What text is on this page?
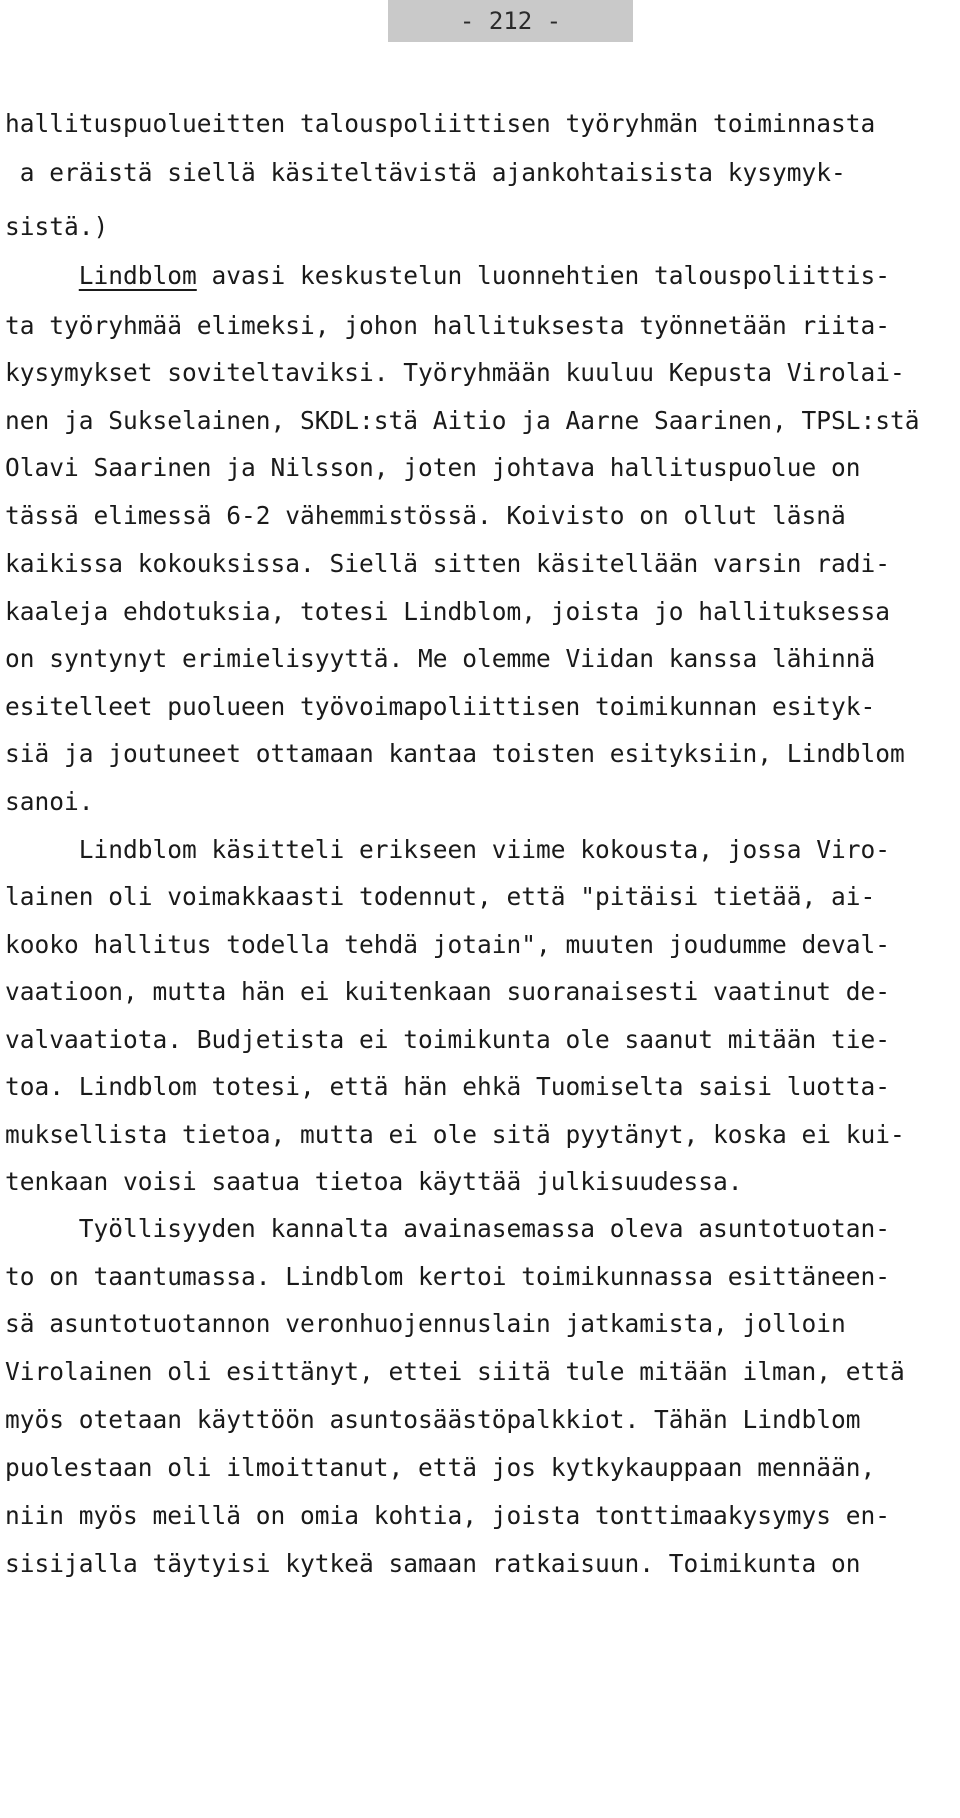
- 212 -
hallituspuolueitten talouspoliittisen työryhmän toiminnasta
a eräistä siellä käsiteltävistä ajankohtaisista kysymyk-
sistä.)
Lindblom avasi keskustelun luonnehtien talouspoliittis-
ta työryhmää elimeksi, johon hallituksesta työnnetään riita-
kysymykset soviteltaviksi. Työryhmään kuuluu Kepusta Virolai-
nen ja Sukselainen, SKDL:stä Aitio ja Aarne Saarinen, TPSL:stä
Olavi Saarinen ja Nilsson, joten johtava hallituspuolue on
tässä elimessä 6-2 vähemmistössä. Koivisto on ollut läsnä
kaikissa kokouksissa. Siellä sitten käsitellään varsin radi-
kaaleja ehdotuksia, totesi Lindblom, joista jo hallituksessa
on syntynyt erimielisyyttä. Me olemme Viidan kanssa lähinnä
esitelleet puolueen työvoimapoliittisen toimikunnan esityk-
siä ja joutuneet ottamaan kantaa toisten esityksiin, Lindblom
sanoi.
Lindblom käsitteli erikseen viime kokousta, jossa Viro-
lainen oli voimakkaasti todennut, että "pitäisi tietää, ai-
kooko hallitus todella tehdä jotain", muuten joudumme deval-
vaatioon, mutta hän ei kuitenkaan suoranaisesti vaatinut de-
valvaatiota. Budjetista ei toimikunta ole saanut mitään tie-
toa. Lindblom totesi, että hän ehkä Tuomiselta saisi luotta-
muksellista tietoa, mutta ei ole sitä pyytänyt, koska ei kui-
tenkaan voisi saatua tietoa käyttää julkisuudessa.
Työllisyyden kannalta avainasemassa oleva asuntotuotan-
to on taantumassa. Lindblom kertoi toimikunnassa esittäneen-
sä asuntotuotannon veronhuojennuslain jatkamista, jolloin
Virolainen oli esittänyt, ettei siitä tule mitään ilman, että
myös otetaan käyttöön asuntosäästöpalkkiot. Tähän Lindblom
puolestaan oli ilmoittanut, että jos kytkykauppaan mennään,
niin myös meillä on omia kohtia, joista tonttimaakysymys en-
sisijalla täytyisi kytkeä samaan ratkaisuun. Toimikunta on
